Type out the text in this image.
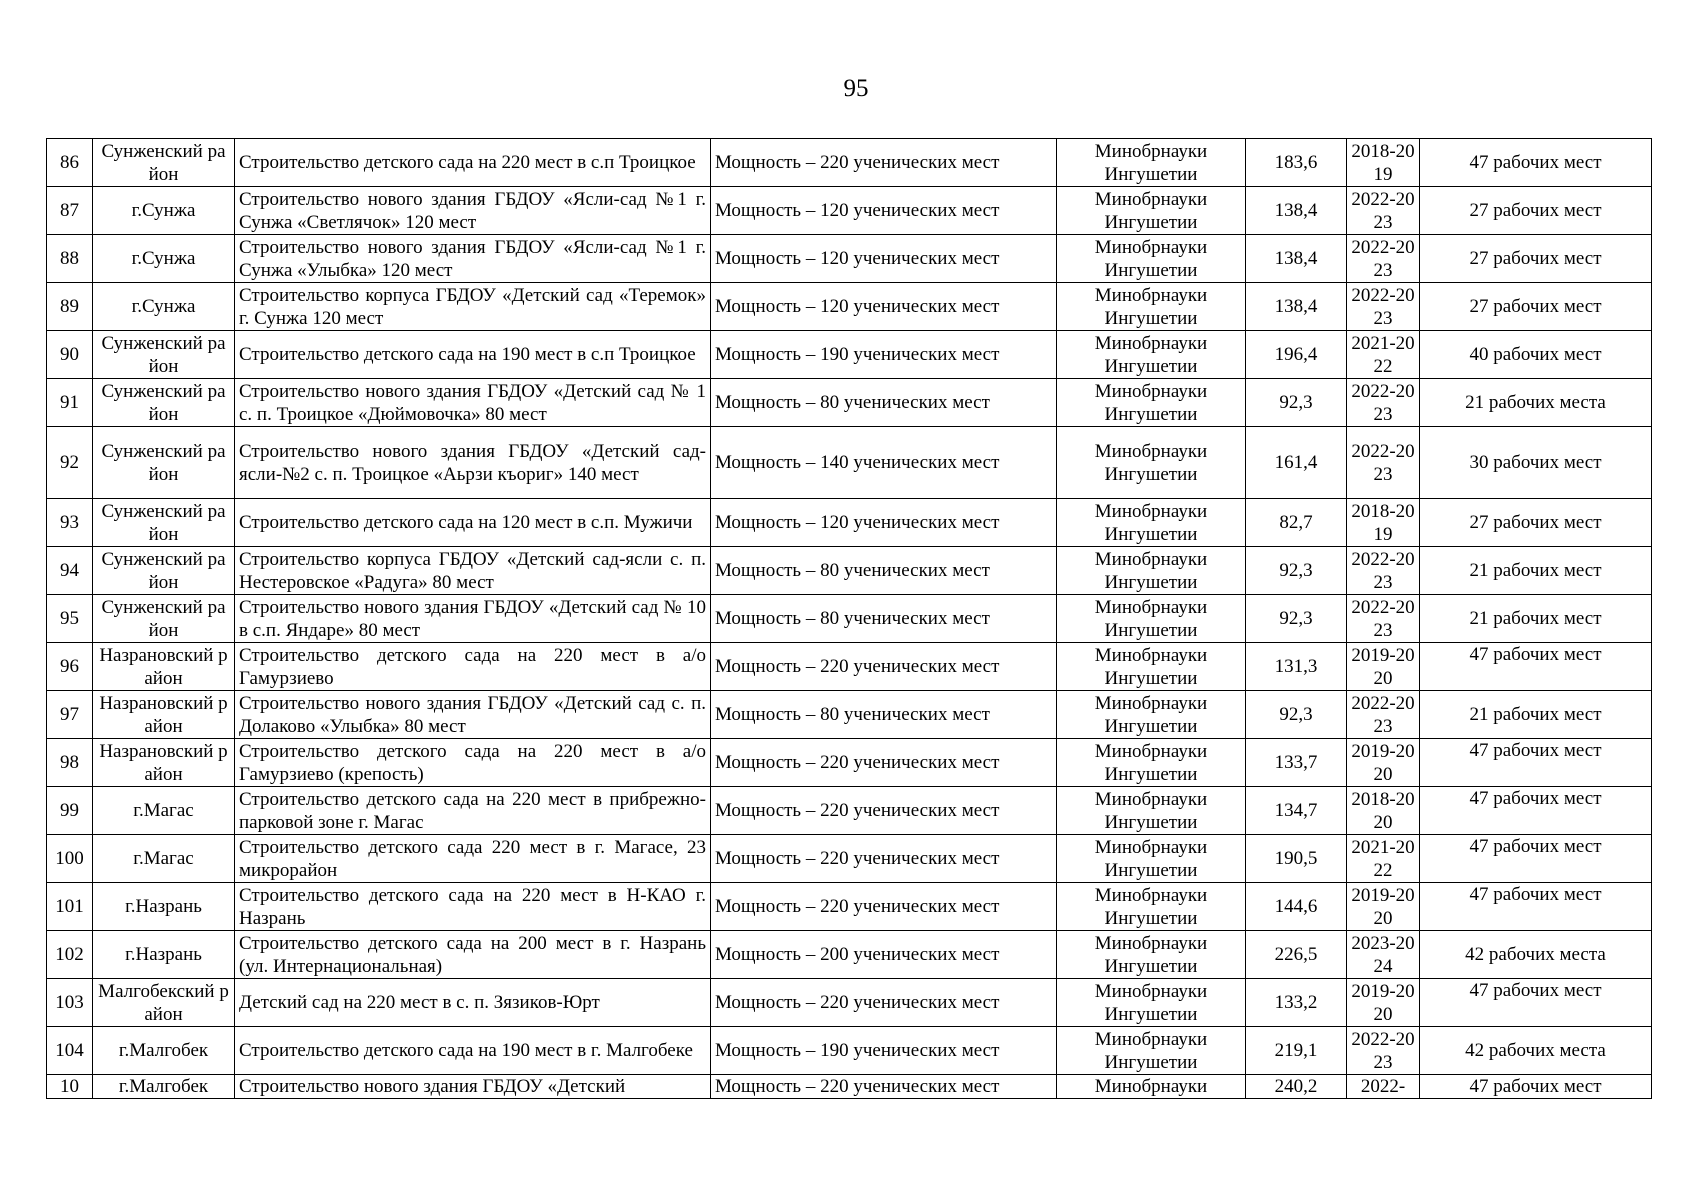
95
86	Сунженский район	Строительство детского сада на 220 мест в с.п Троицкое	Мощность – 220 ученических мест	Минобрнауки Ингушетии	183,6	2018-2019	47 рабочих мест
87	г.Сунжа	Строительство нового здания ГБДОУ «Ясли-сад №1 г. Сунжа «Светлячок» 120 мест	Мощность – 120 ученических мест	Минобрнауки Ингушетии	138,4	2022-2023	27 рабочих мест
88	г.Сунжа	Строительство нового здания ГБДОУ «Ясли-сад №1 г. Сунжа «Улыбка» 120 мест	Мощность – 120 ученических мест	Минобрнауки Ингушетии	138,4	2022-2023	27 рабочих мест
89	г.Сунжа	Строительство корпуса ГБДОУ «Детский сад «Теремок» г. Сунжа 120 мест	Мощность – 120 ученических мест	Минобрнауки Ингушетии	138,4	2022-2023	27 рабочих мест
90	Сунженский район	Строительство детского сада на 190 мест в с.п Троицкое	Мощность – 190 ученических мест	Минобрнауки Ингушетии	196,4	2021-2022	40 рабочих мест
91	Сунженский район	Строительство нового здания ГБДОУ «Детский сад № 1 с. п. Троицкое «Дюймовочка» 80 мест	Мощность – 80 ученических мест	Минобрнауки Ингушетии	92,3	2022-2023	21 рабочих места
92	Сунженский район	Строительство нового здания ГБДОУ «Детский сад- ясли-№2 с. п. Троицкое «Аьрзи къориг» 140 мест	Мощность – 140 ученических мест	Минобрнауки Ингушетии	161,4	2022-2023	30 рабочих мест
93	Сунженский район	Строительство детского сада на 120 мест в с.п. Мужичи	Мощность – 120 ученических мест	Минобрнауки Ингушетии	82,7	2018-2019	27 рабочих мест
94	Сунженский район	Строительство корпуса ГБДОУ «Детский сад-ясли с. п. Нестеровское «Радуга» 80 мест	Мощность – 80 ученических мест	Минобрнауки Ингушетии	92,3	2022-2023	21 рабочих мест
95	Сунженский район	Строительство нового здания ГБДОУ «Детский сад № 10 в с.п. Яндаре» 80 мест	Мощность – 80 ученических мест	Минобрнауки Ингушетии	92,3	2022-2023	21 рабочих мест
96	Назрановский район	Строительство детского сада на 220 мест в а/о Гамурзиево	Мощность – 220 ученических мест	Минобрнауки Ингушетии	131,3	2019-2020	47 рабочих мест
97	Назрановский район	Строительство нового здания ГБДОУ «Детский сад с. п. Долаково «Улыбка» 80 мест	Мощность – 80 ученических мест	Минобрнауки Ингушетии	92,3	2022-2023	21 рабочих мест
98	Назрановский район	Строительство детского сада на 220 мест в а/о Гамурзиево (крепость)	Мощность – 220 ученических мест	Минобрнауки Ингушетии	133,7	2019-2020	47 рабочих мест
99	г.Магас	Строительство детского сада на 220 мест в прибрежно-парковой зоне г. Магас	Мощность – 220 ученических мест	Минобрнауки Ингушетии	134,7	2018-2020	47 рабочих мест
100	г.Магас	Строительство детского сада 220 мест в г. Магасе, 23 микрорайон	Мощность – 220 ученических мест	Минобрнауки Ингушетии	190,5	2021-2022	47 рабочих мест
101	г.Назрань	Строительство детского сада на 220 мест в Н-КАО г. Назрань	Мощность – 220 ученических мест	Минобрнауки Ингушетии	144,6	2019-2020	47 рабочих мест
102	г.Назрань	Строительство детского сада на 200 мест в г. Назрань (ул. Интернациональная)	Мощность – 200 ученических мест	Минобрнауки Ингушетии	226,5	2023-2024	42 рабочих места
103	Малгобекский район	Детский сад на 220 мест в с. п. Зязиков-Юрт	Мощность – 220 ученических мест	Минобрнауки Ингушетии	133,2	2019-2020	47 рабочих мест
104	г.Малгобек	Строительство детского сада на 190 мест в г. Малгобеке	Мощность – 190 ученических мест	Минобрнауки Ингушетии	219,1	2022-2023	42 рабочих места
10	г.Малгобек	Строительство нового здания ГБДОУ «Детский	Мощность – 220 ученических мест	Минобрнауки	240,2	2022-	47 рабочих мест
